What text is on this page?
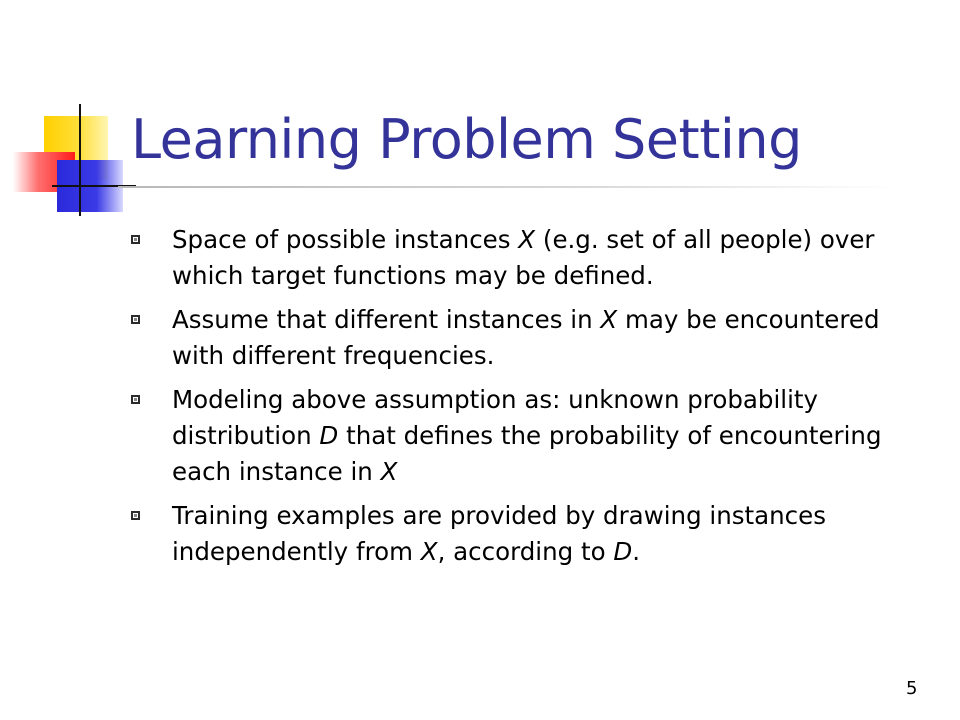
Learning Problem Setting
Space of possible instances X (e.g. set of all people) over which target functions may be defined.
Assume that different instances in X may be encountered with different frequencies.
Modeling above assumption as: unknown probability distribution D that defines the probability of encountering each instance in X
Training examples are provided by drawing instances independently from X, according to D.

5
